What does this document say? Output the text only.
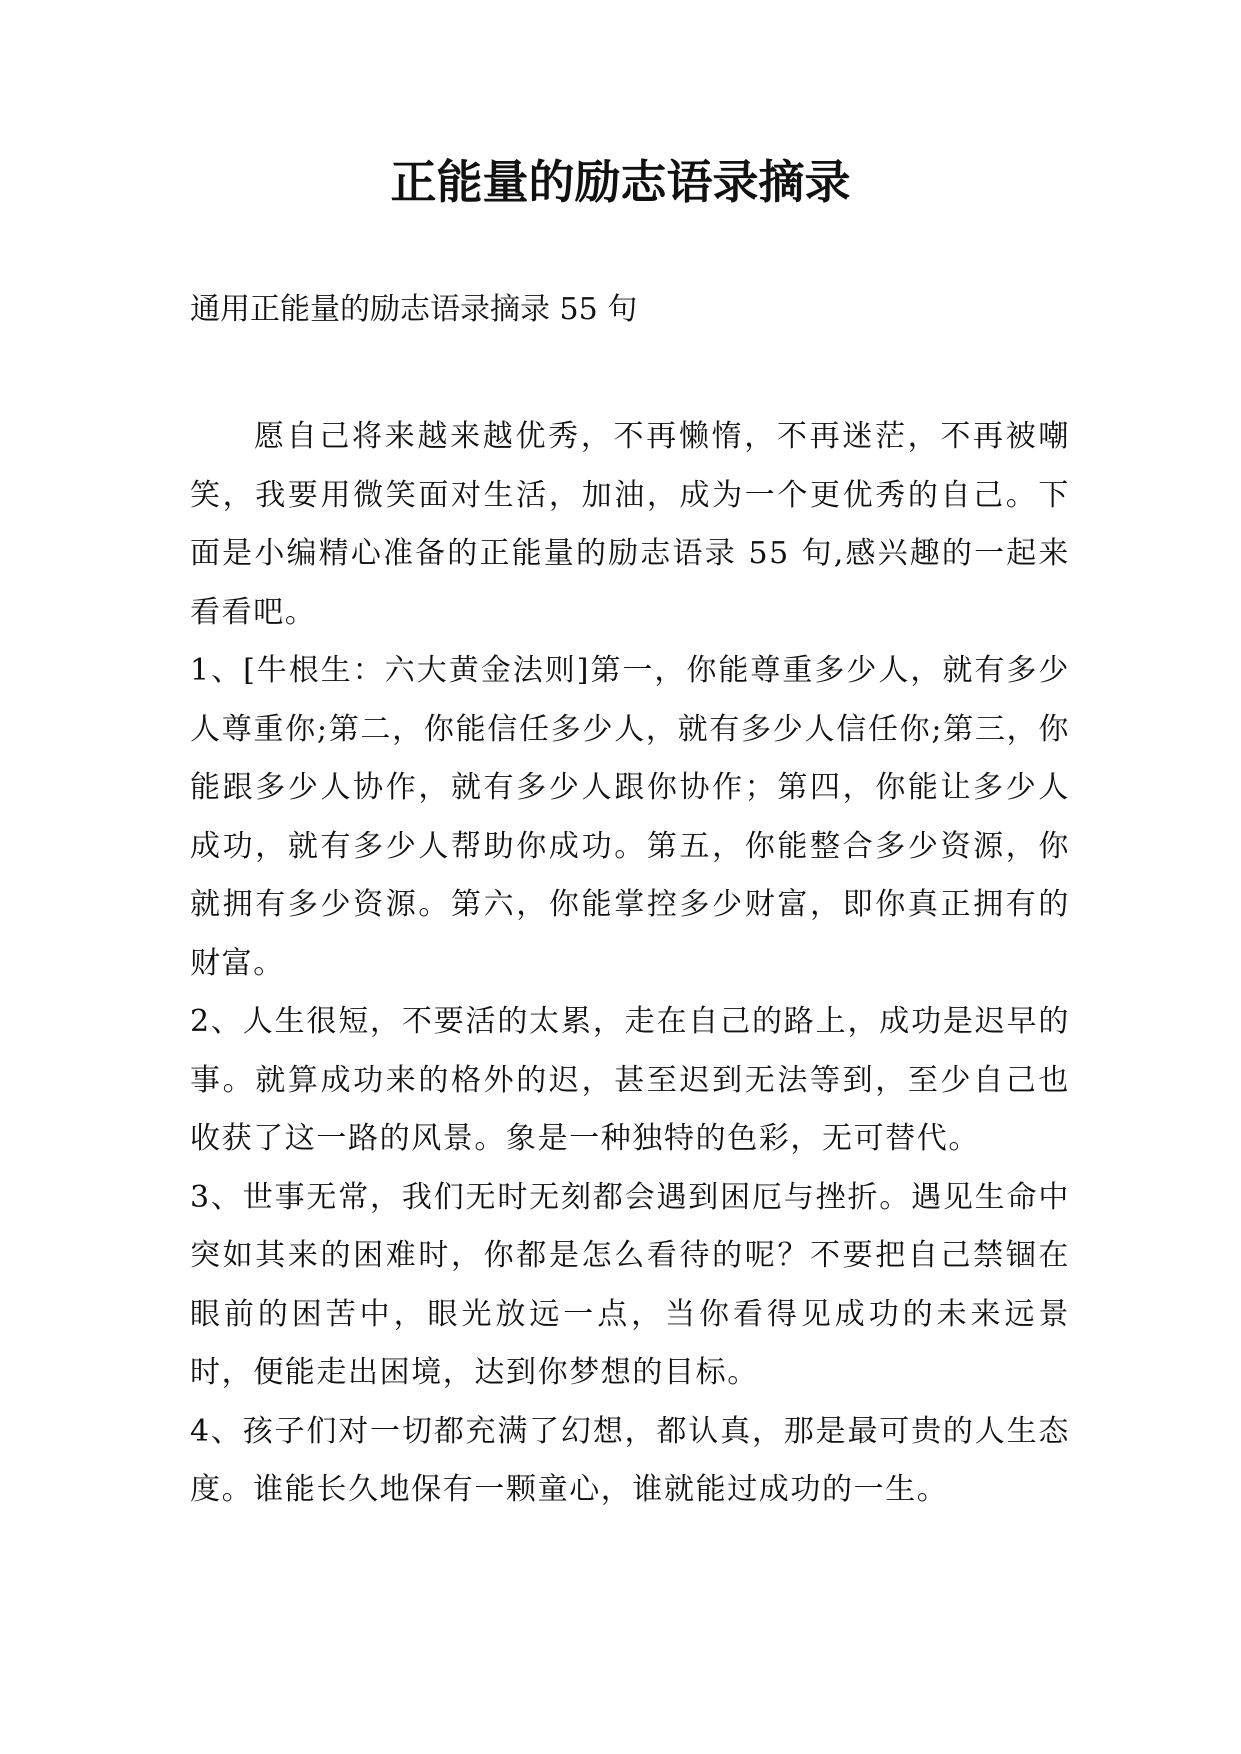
正能量的励志语录摘录

通用正能量的励志语录摘录 55 句

愿自己将来越来越优秀，不再懒惰，不再迷茫，不再被嘲笑，我要用微笑面对生活，加油，成为一个更优秀的自己。下面是小编精心准备的正能量的励志语录 55 句,感兴趣的一起来看看吧。

1、[牛根生：六大黄金法则]第一，你能尊重多少人，就有多少人尊重你;第二，你能信任多少人，就有多少人信任你;第三，你能跟多少人协作，就有多少人跟你协作；第四，你能让多少人成功，就有多少人帮助你成功。第五，你能整合多少资源，你就拥有多少资源。第六，你能掌控多少财富，即你真正拥有的财富。

2、人生很短，不要活的太累，走在自己的路上，成功是迟早的事。就算成功来的格外的迟，甚至迟到无法等到，至少自己也收获了这一路的风景。象是一种独特的色彩，无可替代。

3、世事无常，我们无时无刻都会遇到困厄与挫折。遇见生命中突如其来的困难时，你都是怎么看待的呢？不要把自己禁锢在眼前的困苦中，眼光放远一点，当你看得见成功的未来远景时，便能走出困境，达到你梦想的目标。

4、孩子们对一切都充满了幻想，都认真，那是最可贵的人生态度。谁能长久地保有一颗童心，谁就能过成功的一生。
